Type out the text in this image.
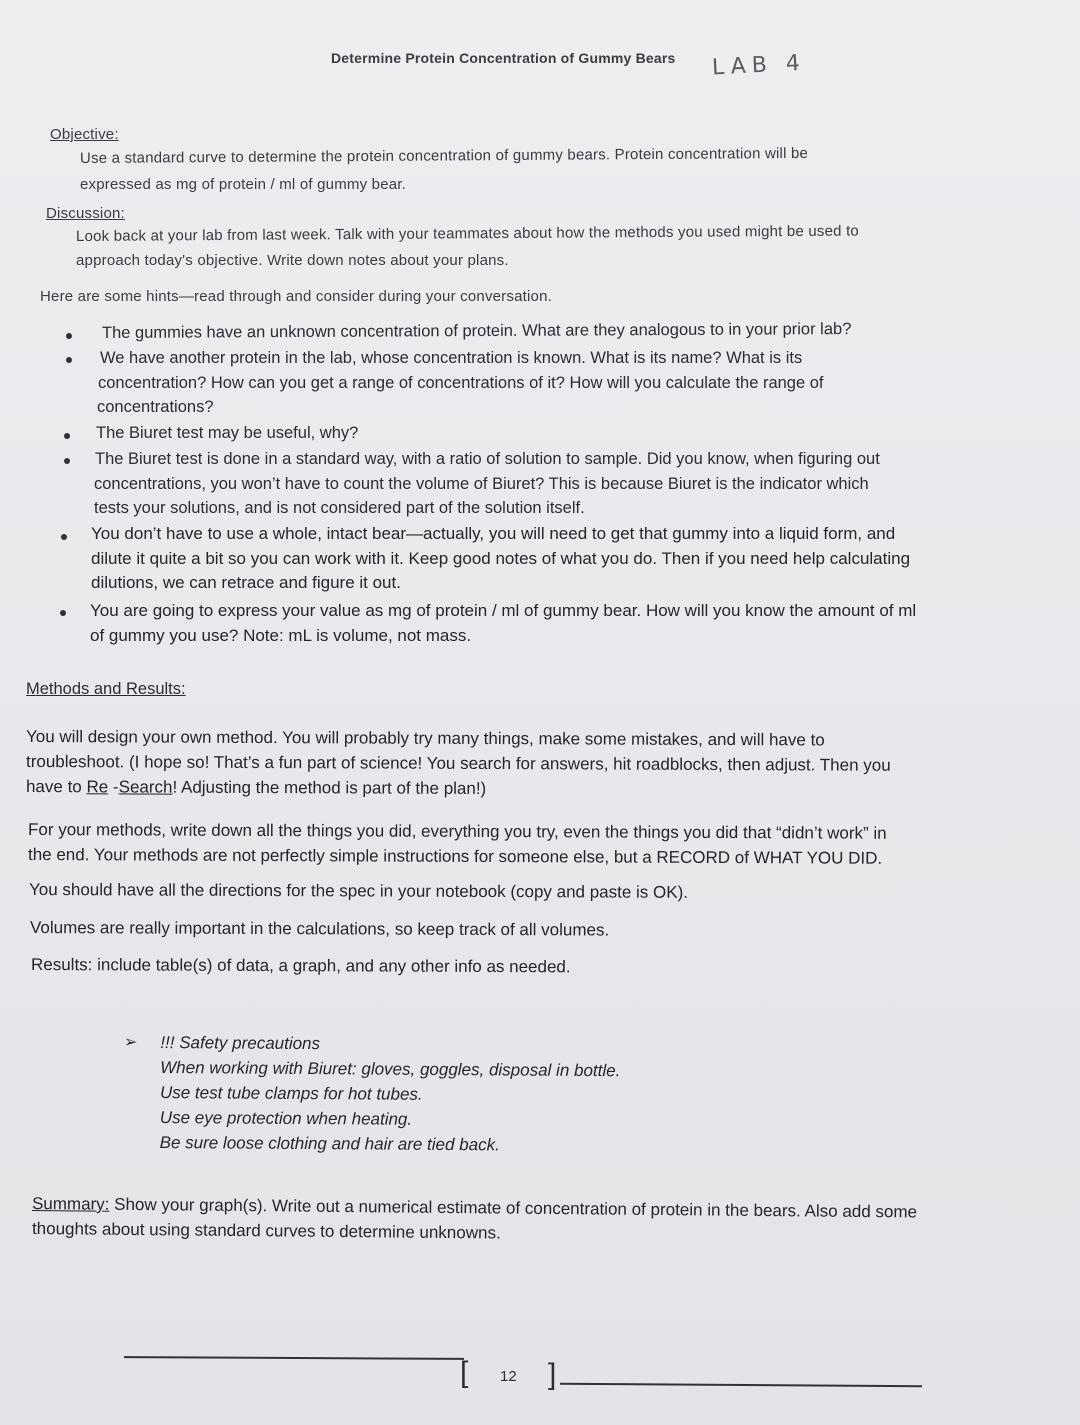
Determine Protein Concentration of Gummy Bears LAB 4
Objective:
Use a standard curve to determine the protein concentration of gummy bears. Protein concentration will be
expressed as mg of protein / ml of gummy bear.
Discussion:
Look back at your lab from last week. Talk with your teammates about how the methods you used might be used to
approach today's objective. Write down notes about your plans.
Here are some hints—read through and consider during your conversation.
The gummies have an unknown concentration of protein. What are they analogous to in your prior lab?
We have another protein in the lab, whose concentration is known. What is its name? What is its
concentration? How can you get a range of concentrations of it? How will you calculate the range of
concentrations?
The Biuret test may be useful, why?
The Biuret test is done in a standard way, with a ratio of solution to sample. Did you know, when figuring out
concentrations, you won’t have to count the volume of Biuret? This is because Biuret is the indicator which
tests your solutions, and is not considered part of the solution itself.
You don’t have to use a whole, intact bear—actually, you will need to get that gummy into a liquid form, and
dilute it quite a bit so you can work with it. Keep good notes of what you do. Then if you need help calculating
dilutions, we can retrace and figure it out.
You are going to express your value as mg of protein / ml of gummy bear. How will you know the amount of ml
of gummy you use? Note: mL is volume, not mass.
Methods and Results:
You will design your own method. You will probably try many things, make some mistakes, and will have to
troubleshoot. (I hope so! That’s a fun part of science! You search for answers, hit roadblocks, then adjust. Then you
have to Re -Search! Adjusting the method is part of the plan!)
For your methods, write down all the things you did, everything you try, even the things you did that “didn’t work” in
the end. Your methods are not perfectly simple instructions for someone else, but a RECORD of WHAT YOU DID.
You should have all the directions for the spec in your notebook (copy and paste is OK).
Volumes are really important in the calculations, so keep track of all volumes.
Results: include table(s) of data, a graph, and any other info as needed.
➢ !!! Safety precautions
When working with Biuret: gloves, goggles, disposal in bottle.
Use test tube clamps for hot tubes.
Use eye protection when heating.
Be sure loose clothing and hair are tied back.
Summary: Show your graph(s). Write out a numerical estimate of concentration of protein in the bears. Also add some
thoughts about using standard curves to determine unknowns.
[ 12 ]
